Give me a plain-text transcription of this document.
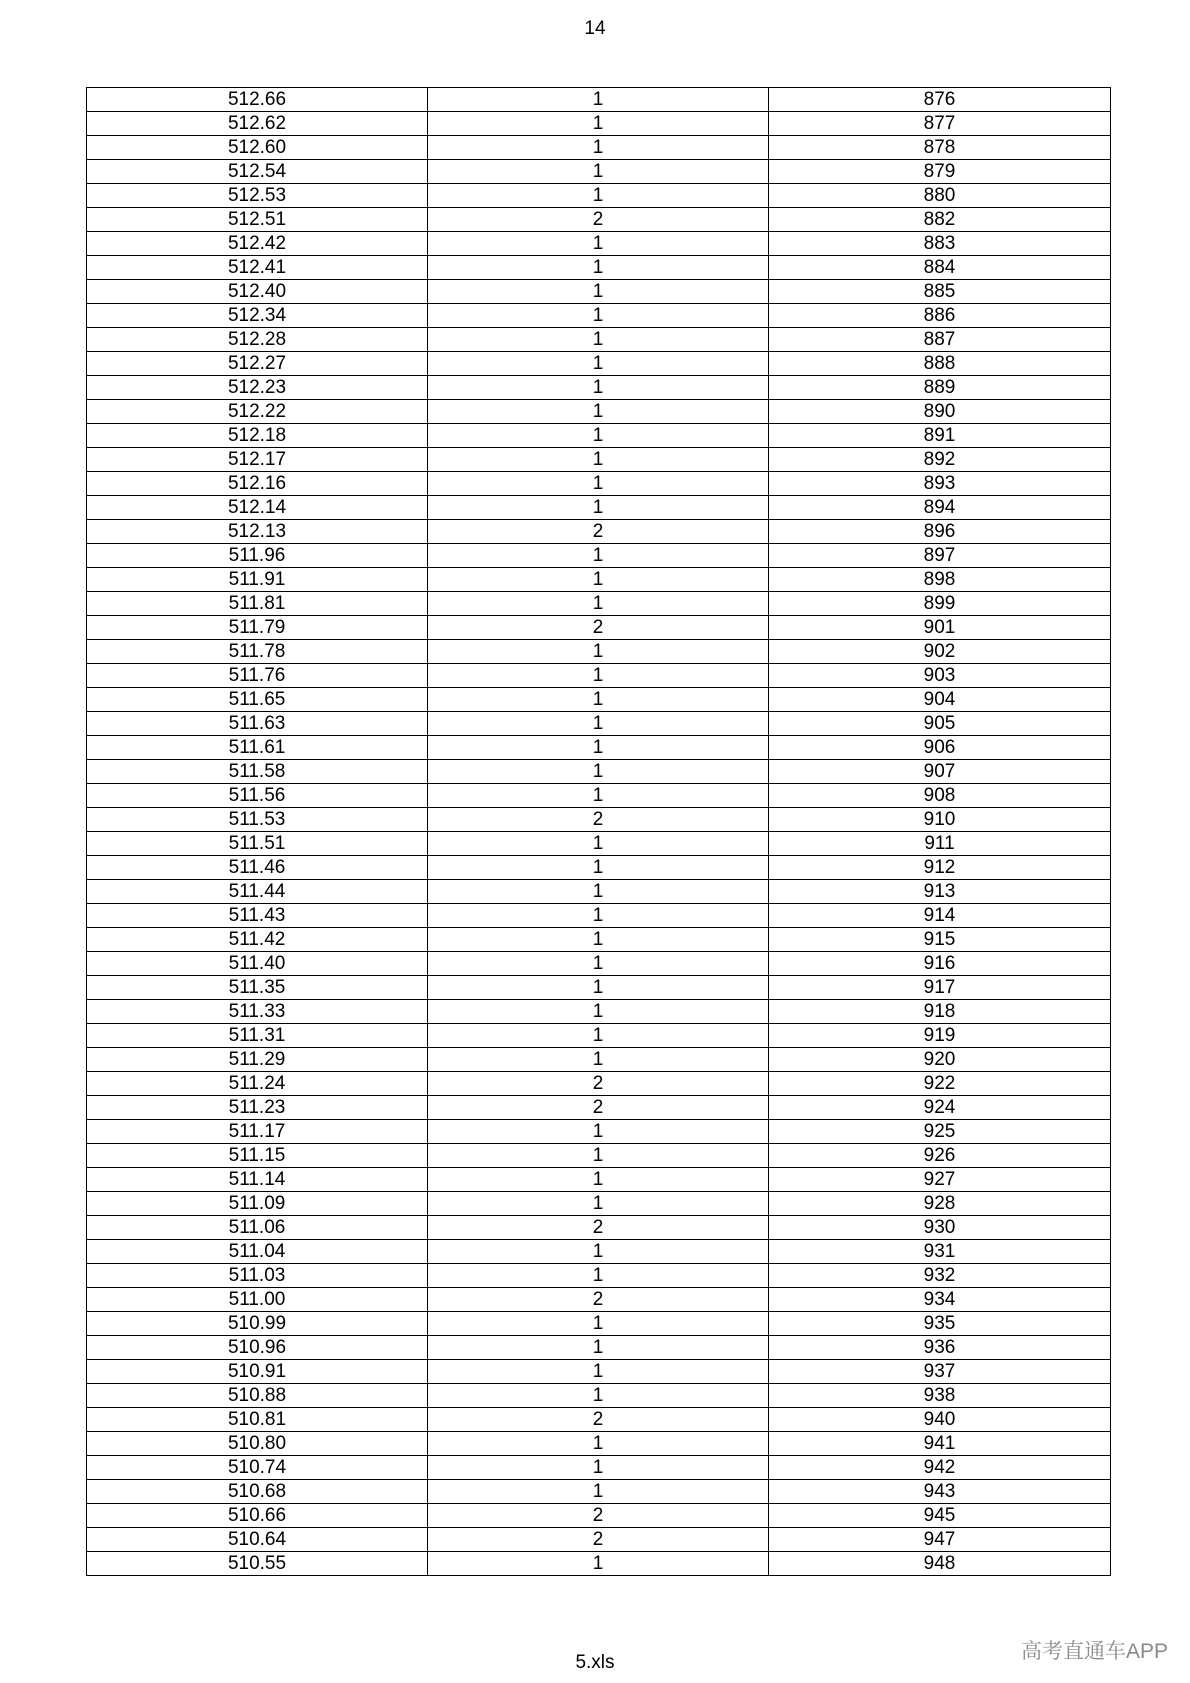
14
512.66	1	876
512.62	1	877
512.60	1	878
512.54	1	879
512.53	1	880
512.51	2	882
512.42	1	883
512.41	1	884
512.40	1	885
512.34	1	886
512.28	1	887
512.27	1	888
512.23	1	889
512.22	1	890
512.18	1	891
512.17	1	892
512.16	1	893
512.14	1	894
512.13	2	896
511.96	1	897
511.91	1	898
511.81	1	899
511.79	2	901
511.78	1	902
511.76	1	903
511.65	1	904
511.63	1	905
511.61	1	906
511.58	1	907
511.56	1	908
511.53	2	910
511.51	1	911
511.46	1	912
511.44	1	913
511.43	1	914
511.42	1	915
511.40	1	916
511.35	1	917
511.33	1	918
511.31	1	919
511.29	1	920
511.24	2	922
511.23	2	924
511.17	1	925
511.15	1	926
511.14	1	927
511.09	1	928
511.06	2	930
511.04	1	931
511.03	1	932
511.00	2	934
510.99	1	935
510.96	1	936
510.91	1	937
510.88	1	938
510.81	2	940
510.80	1	941
510.74	1	942
510.68	1	943
510.66	2	945
510.64	2	947
510.55	1	948
5.xls	高考直通车APP
